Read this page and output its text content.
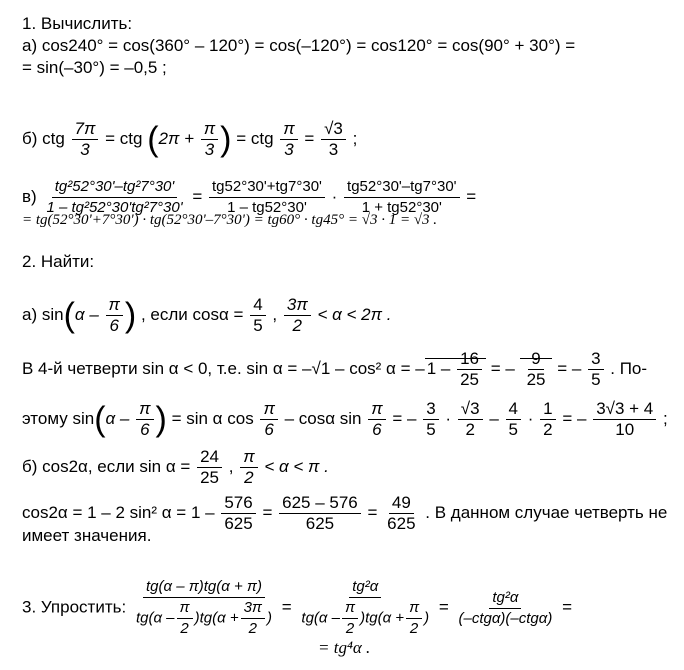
1. Вычислить:
а) cos240° = cos(360° – 120°) = cos(–120°) = cos120° = cos(90° + 30°) =
= sin(–30°) = –0,5 ;
б) ctg $\frac{7\pi}{3}$ = ctg ($2\pi + \frac{\pi}{3}$ ) = ctg $\frac{\pi}{3} = \frac{√3}{3}$ ;
$в) \frac{\text{tg²52°30'–tg²7°30'}}{\text{1 – tg²52°30'tg²7°30'}} = \frac{tg52^\circ 30'+tg7^\circ 30'}{1 - tg52^\circ 30'} \cdot \frac{tg52^\circ 30'-tg7^\circ 30'}{1 + tg52^\circ 30'}$ =
= tg(52°30'+7°30') · tg(52°30'–7°30') = tg60° · tg45° = √3 · 1 = √3 .
2. Найти:
а) $\sin(\alpha - \frac{\pi}{6}$ ) , если $\cos\alpha = \frac{4}{5}$ , $\frac{3\pi}{2} < \alpha < 2\pi$ .
В 4-й четверти sin α < 0, т.е. sin α = –√1 – cos² α = – $1 - \frac{16}{25}$ = – $\frac{9}{25}$ = – $\frac{3}{5}$ . По-
этому $\sin(\alpha - \frac{\pi}{6}$ ) = sin α $\cos \frac{\pi}{6}$ – cosα $\sin \frac{\pi}{6}$ = – $\frac{3}{5} \cdot \frac{√3}{2} - \frac{4}{5} \cdot \frac{1}{2}$ = – $\frac{3√3 + 4}{10}$ ;
б) cos2α, если $\sin \alpha = \frac{24}{25}$ , $\frac{\pi}{2} < \alpha < \pi$ .
cos2α = 1 – 2 sin² $\alpha = 1 - \frac{576}{625} = \frac{625 - 576}{625} = \frac{49}{625}$ . В данном случае четверть не
имеет значения.
3. Упростить: $\frac{tg(\alpha - \pi)tg(\alpha + \pi)}{tg(\alpha - \frac{\pi}{2} )tg(\alpha + \frac{3\pi}{2} )} = \frac{\text{tg²α}}{tg(\alpha - \frac{\pi}{2} )tg(\alpha + \frac{\pi}{2} )} = \frac{\text{tg²α}}{\text{(–ctgα)(–ctgα)}}$ =
= tg⁴α .
